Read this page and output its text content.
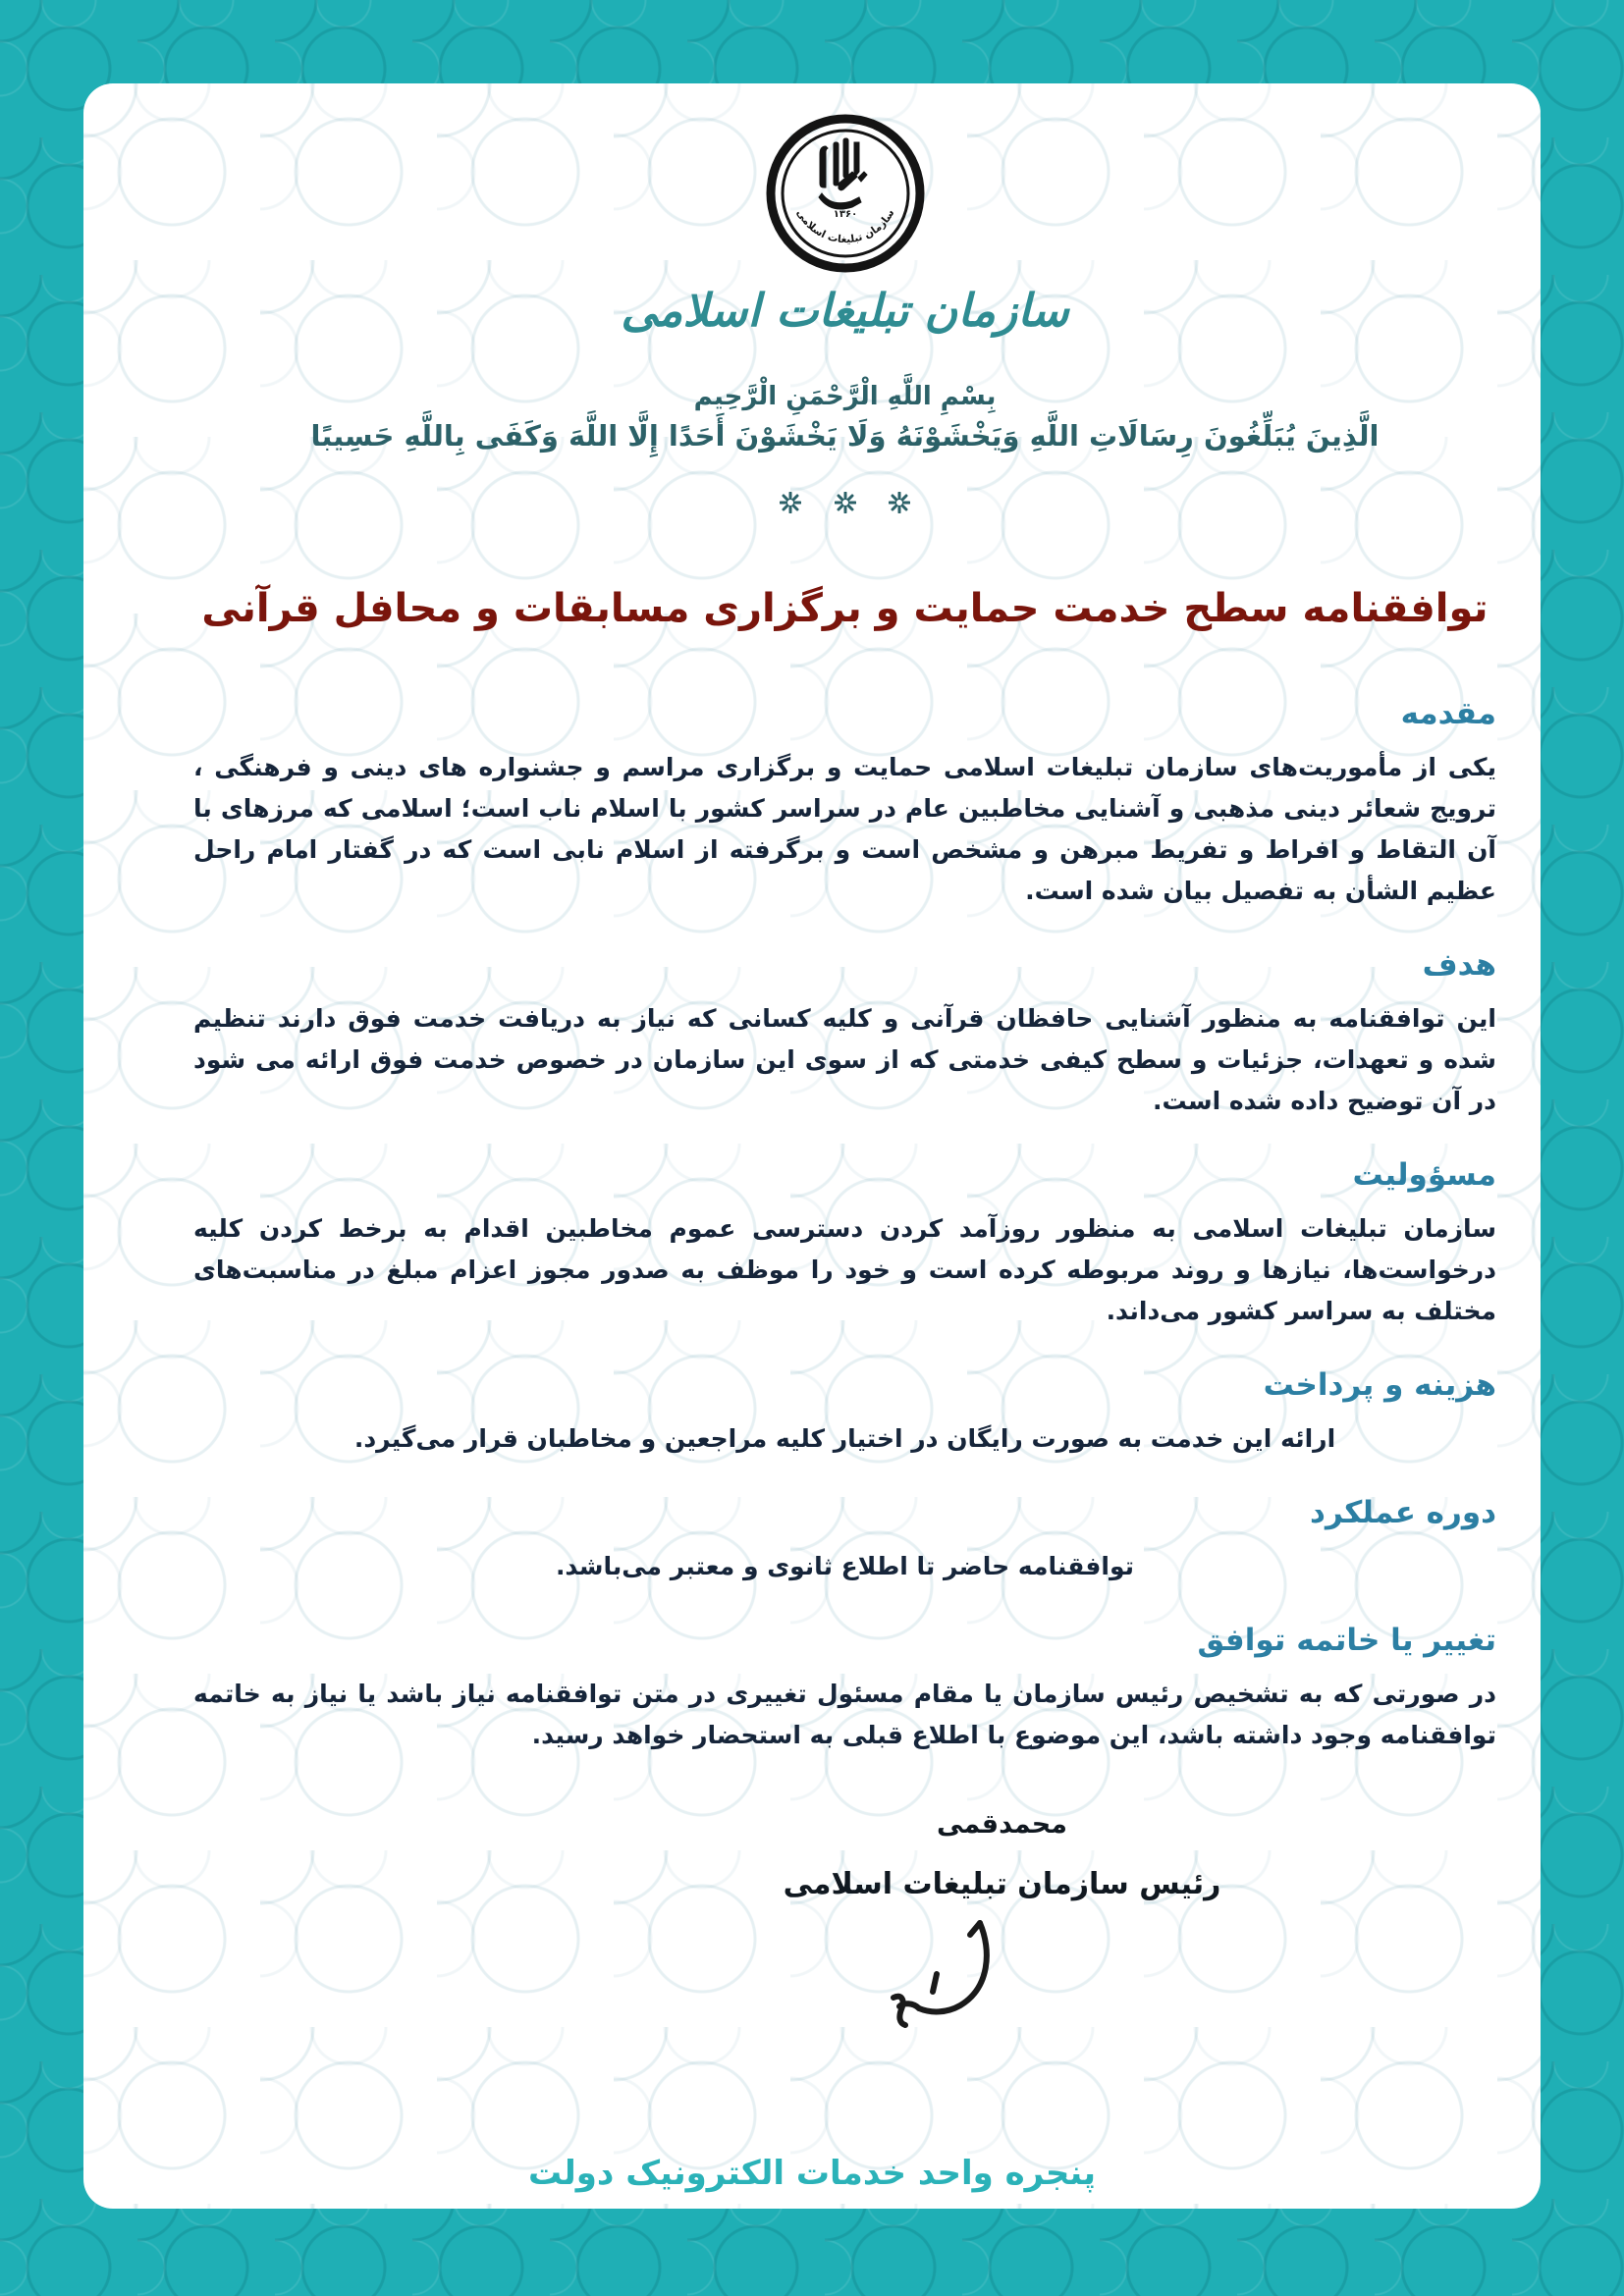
۱۳۶۰
سازمان تبلیغات اسلامی
سازمان تبلیغات اسلامی
بِسْمِ اللَّهِ الْرَّحْمَنِ الْرَّحِيم
الَّذِينَ يُبَلِّغُونَ رِسَالَاتِ اللَّهِ وَيَخْشَوْنَهُ وَلَا يَخْشَوْنَ أَحَدًا إِلَّا اللَّهَ وَكَفَى بِاللَّهِ حَسِيبًا

توافقنامه سطح خدمت حمایت و برگزاری مسابقات و محافل قرآنی
مقدمه
یکی از مأموریت‌های سازمان تبلیغات اسلامی حمایت و برگزاری مراسم و جشنواره های دینی و فرهنگی ، ترویج شعائر دینی مذهبی و آشنایی مخاطبین عام در سراسر کشور با اسلام ناب است؛ اسلامی که مرزهای با آن التقاط و افراط و تفریط مبرهن و مشخص است و برگرفته از اسلام نابی است که در گفتار امام راحل عظیم الشأن به تفصیل بیان شده است.
هدف
این توافقنامه به منظور آشنایی حافظان قرآنی و کلیه کسانی که نیاز به دریافت خدمت فوق دارند تنظیم شده و تعهدات، جزئیات و سطح کیفی خدمتی که از سوی این سازمان در خصوص خدمت فوق ارائه می شود در آن توضیح داده شده است.
مسؤولیت
سازمان تبلیغات اسلامی به منظور روزآمد کردن دسترسی عموم مخاطبین اقدام به برخط کردن کلیه درخواست‌ها، نیازها و روند مربوطه کرده است و خود را موظف به صدور مجوز اعزام مبلغ در مناسبت‌های مختلف به سراسر کشور می‌داند.
هزینه و پرداخت
ارائه این خدمت به صورت رایگان در اختیار کلیه مراجعین و مخاطبان قرار می‌گیرد.
دوره عملکرد
توافقنامه حاضر تا اطلاع ثانوی و معتبر می‌باشد.
تغییر یا خاتمه توافق
در صورتی که به تشخیص رئیس سازمان یا مقام مسئول تغییری در متن توافقنامه نیاز باشد یا نیاز به خاتمه توافقنامه وجود داشته باشد، این موضوع با اطلاع قبلی به استحضار خواهد رسید.
محمدقمی
رئیس سازمان تبلیغات اسلامی
پنجره واحد خدمات الکترونیک دولت
